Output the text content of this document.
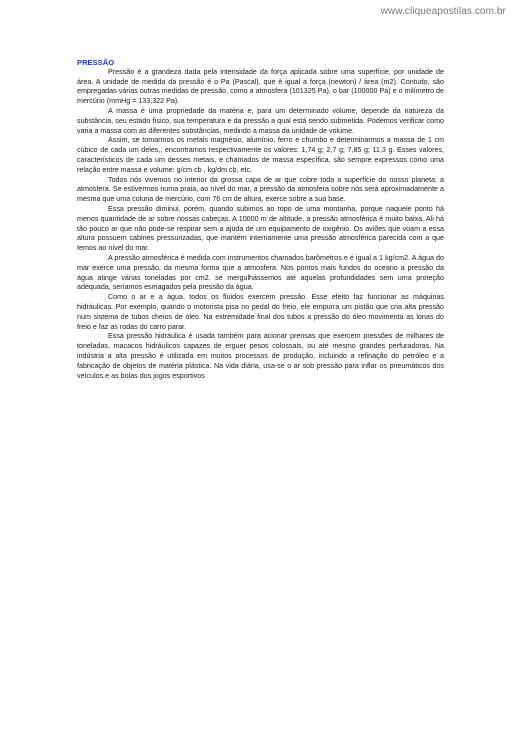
www.cliqueapostilas.com.br
PRESSÃO

Pressão é a grandeza dada pela intensidade da força aplicada sobre uma superfície, por unidade de área. A unidade de medida da pressão é o Pa (Pascal), que é igual a força (newton) / área (m2). Contudo, são empregadas várias outras medidas de pressão, como a atmosfera (101325 Pa), o bar (100000 Pa) e o milímetro de mercúrio (mmHg = 133,322 Pa).

A massa é uma propriedade da matéria e, para um determinado volume, depende da natureza da substância, seu estado físico, sua temperatura e da pressão a qual está sendo submetida. Podemos verificar como varia a massa com as diferentes substâncias, medindo a massa da unidade de volume.

Assim, se tomarmos os metais magnésio, alumínio, ferro e chumbo e determinarmos a massa de 1 cm cúbico de cada um deles,, encontramos respectivamente os valores: 1,74 g; 2,7 g; 7,85 g; 11,3 g. Esses valores, característicos de cada um desses metais, e chamados de massa específica, são sempre expressos como uma relação entre massa e volume: g/cm cb , kg/dm cb, etc.

Todos nós vivemos no interior da grossa capa de ar que cobre toda a superfície do nosso planeta: a atmosfera. Se estivermos numa praia, ao nível do mar, a pressão da atmosfera sobre nós será aproximadamente a mesma que uma coluna de mercúrio, com 76 cm de altura, exerce sobre a sua base.

Essa pressão diminui, porém, quando subimos ao topo de uma montanha, porque naquele ponto há menos quantidade de ar sobre nossas cabeças. A 10000 m de altitude, a pressão atmosférica é muito baixa. Ali há tão pouco ar que não pode-se respirar sem a ajuda de um equipamento de oxigênio. Os aviões que voam a essa altura possuem cabines pressurizadas, que mantém internamente uma pressão atmosférica parecida com a que temos ao nível do mar.

A pressão atmosférica é medida com instrumentos chamados barômetros e é igual a 1 kg/cm2. A água do mar exerce uma pressão, da mesma forma que a atmosfera. Nos pontos mais fundos do oceano a pressão da água atinge várias toneladas por cm2. se mergulhássemos até aquelas profundidades sem uma proteção adequada, seríamos esmagados pela pressão da água.

Como o ar e a água, todos os fluidos exercem pressão. Esse efeito faz funcionar as máquinas hidráulicas. Por exemplo, quando o motorista pisa no pedal do freio, ele empurra um pistão que cria alta pressão num sistema de tubos cheios de óleo. Na extremidade final dos tubos a pressão do óleo movimenta as lonas do freio e faz as rodas do carro parar.

Essa pressão hidráulica é usada também para acionar prensas que exercem pressões de milhares de toneladas, macacos hidráulicos capazes de erguer pesos colossais, ou até mesmo grandes perfuradoras. Na indústria a alta pressão é utilizada em muitos processos de produção, incluindo a refinação do petróleo e a fabricação de objetos de matéria plástica. Na vida diária, usa-se o ar sob pressão para inflar os pneumáticos dos veículos e as bolas dos jogos esportivos
